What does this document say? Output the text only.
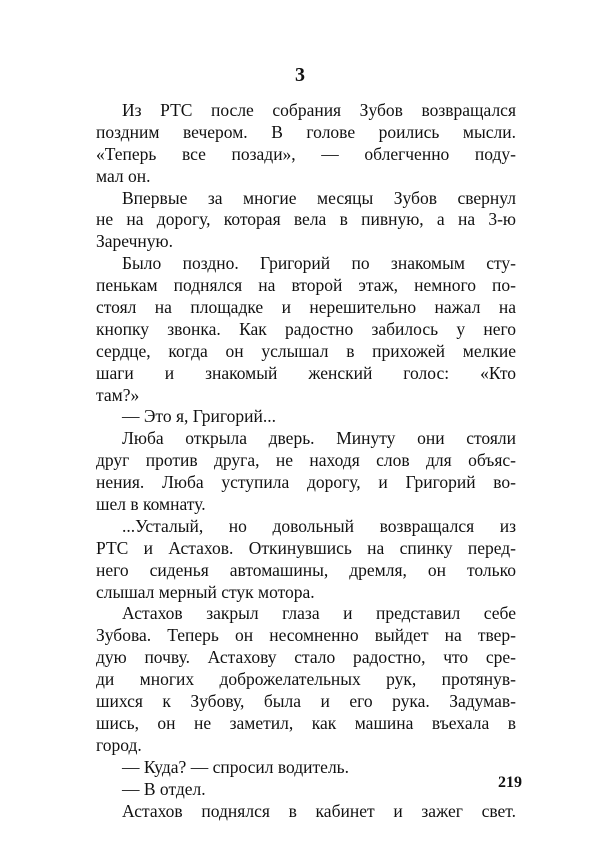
3
Из РТС после собрания Зубов возвращался
поздним вечером. В голове роились мысли.
«Теперь все позади», — облегченно поду-
мал он.
Впервые за многие месяцы Зубов свернул
не на дорогу, которая вела в пивную, а на 3-ю
Заречную.
Было поздно. Григорий по знакомым сту-
пенькам поднялся на второй этаж, немного по-
стоял на площадке и нерешительно нажал на
кнопку звонка. Как радостно забилось у него
сердце, когда он услышал в прихожей мелкие
шаги и знакомый женский голос: «Кто
там?»
— Это я, Григорий...
Люба открыла дверь. Минуту они стояли
друг против друга, не находя слов для объяс-
нения. Люба уступила дорогу, и Григорий во-
шел в комнату.
...Усталый, но довольный возвращался из
РТС и Астахов. Откинувшись на спинку перед-
него сиденья автомашины, дремля, он только
слышал мерный стук мотора.
Астахов закрыл глаза и представил себе
Зубова. Теперь он несомненно выйдет на твер-
дую почву. Астахову стало радостно, что сре-
ди многих доброжелательных рук, протянув-
шихся к Зубову, была и его рука. Задумав-
шись, он не заметил, как машина въехала в
город.
— Куда? — спросил водитель.
— В отдел.
Астахов поднялся в кабинет и зажег свет.
219
